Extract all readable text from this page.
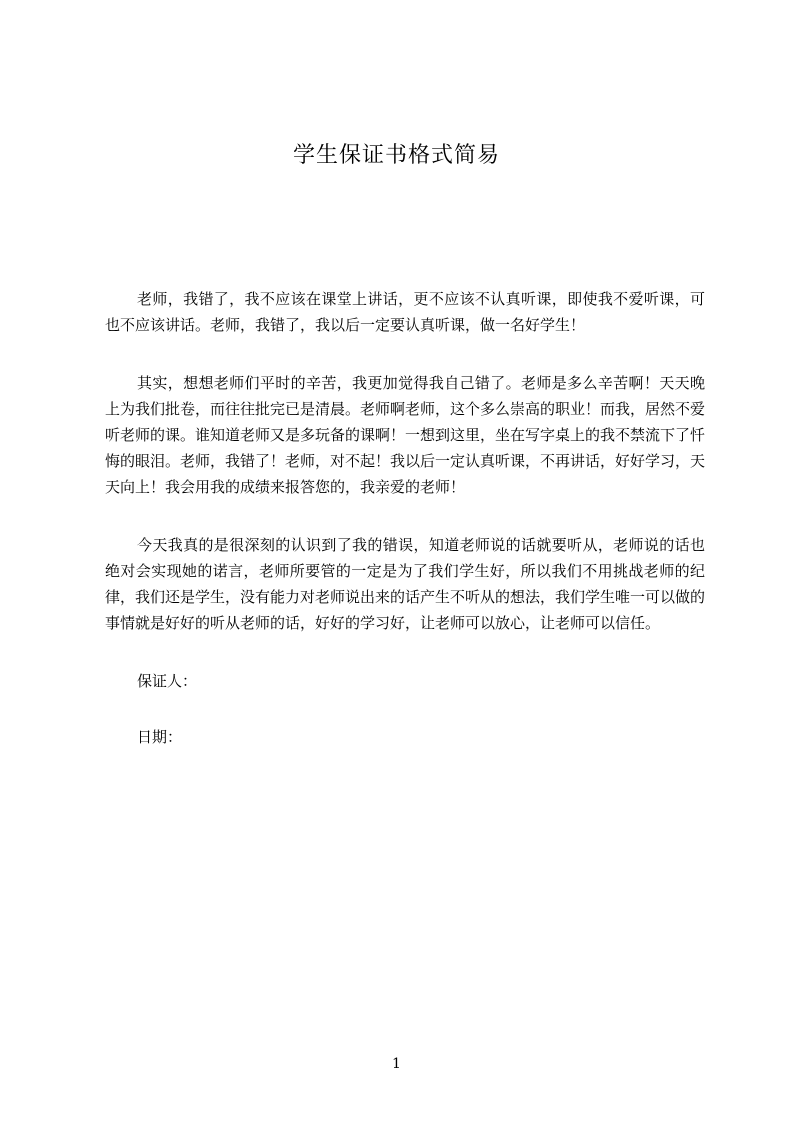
学生保证书格式简易

老师，我错了，我不应该在课堂上讲话，更不应该不认真听课，即使我不爱听课，可也不应该讲话。老师，我错了，我以后一定要认真听课，做一名好学生！

其实，想想老师们平时的辛苦，我更加觉得我自己错了。老师是多么辛苦啊！天天晚上为我们批卷，而往往批完已是清晨。老师啊老师，这个多么崇高的职业！而我，居然不爱听老师的课。谁知道老师又是多玩备的课啊！一想到这里，坐在写字桌上的我不禁流下了忏悔的眼泪。老师，我错了！老师，对不起！我以后一定认真听课，不再讲话，好好学习，天天向上！我会用我的成绩来报答您的，我亲爱的老师！

今天我真的是很深刻的认识到了我的错误，知道老师说的话就要听从，老师说的话也绝对会实现她的诺言，老师所要管的一定是为了我们学生好，所以我们不用挑战老师的纪律，我们还是学生，没有能力对老师说出来的话产生不听从的想法，我们学生唯一可以做的事情就是好好的听从老师的话，好好的学习好，让老师可以放心，让老师可以信任。

保证人：

日期：

1
